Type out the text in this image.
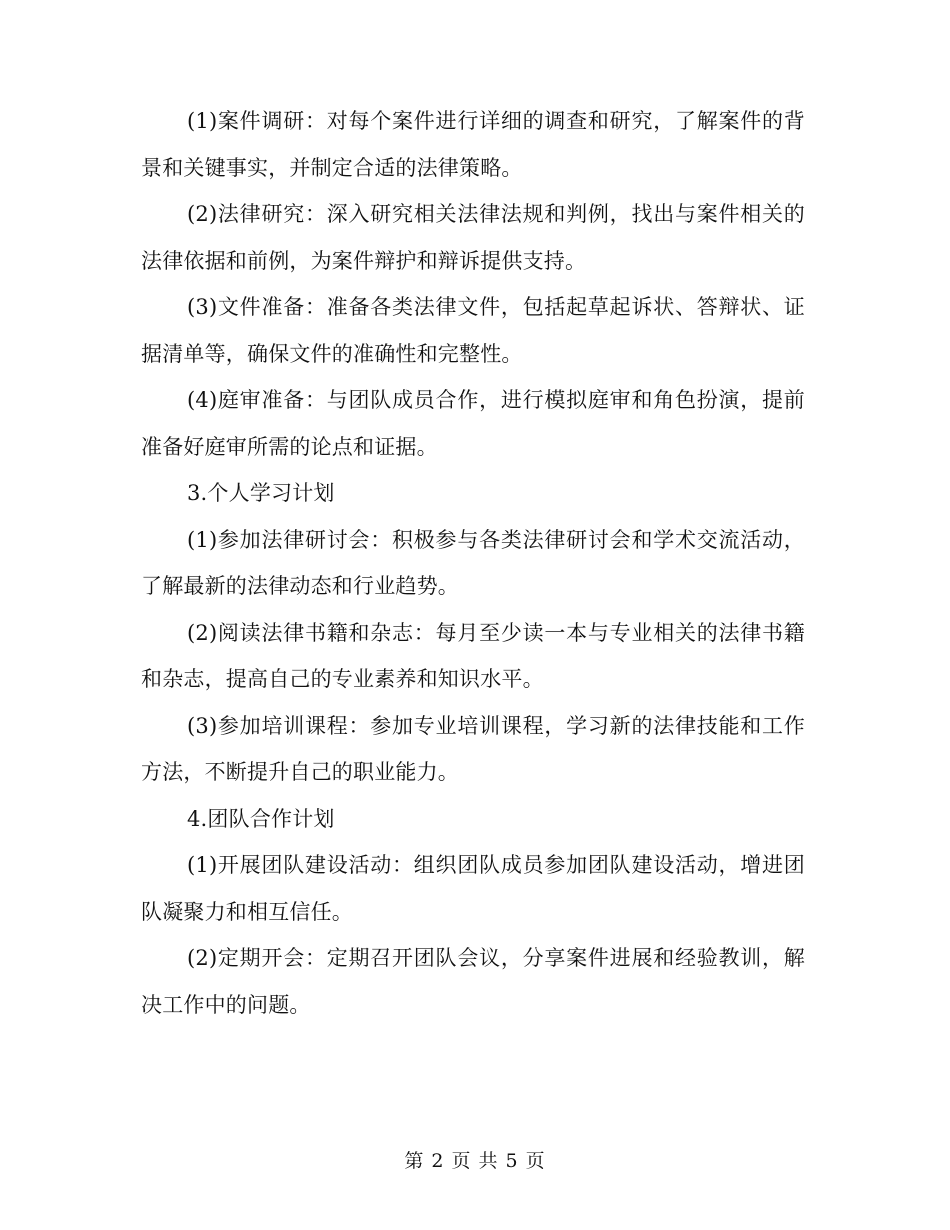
(1)案件调研：对每个案件进行详细的调查和研究，了解案件的背景和关键事实，并制定合适的法律策略。

(2)法律研究：深入研究相关法律法规和判例，找出与案件相关的法律依据和前例，为案件辩护和辩诉提供支持。

(3)文件准备：准备各类法律文件，包括起草起诉状、答辩状、证据清单等，确保文件的准确性和完整性。

(4)庭审准备：与团队成员合作，进行模拟庭审和角色扮演，提前准备好庭审所需的论点和证据。

3.个人学习计划

(1)参加法律研讨会：积极参与各类法律研讨会和学术交流活动，了解最新的法律动态和行业趋势。

(2)阅读法律书籍和杂志：每月至少读一本与专业相关的法律书籍和杂志，提高自己的专业素养和知识水平。

(3)参加培训课程：参加专业培训课程，学习新的法律技能和工作方法，不断提升自己的职业能力。

4.团队合作计划

(1)开展团队建设活动：组织团队成员参加团队建设活动，增进团队凝聚力和相互信任。

(2)定期开会：定期召开团队会议，分享案件进展和经验教训，解决工作中的问题。

第 2 页 共 5 页
